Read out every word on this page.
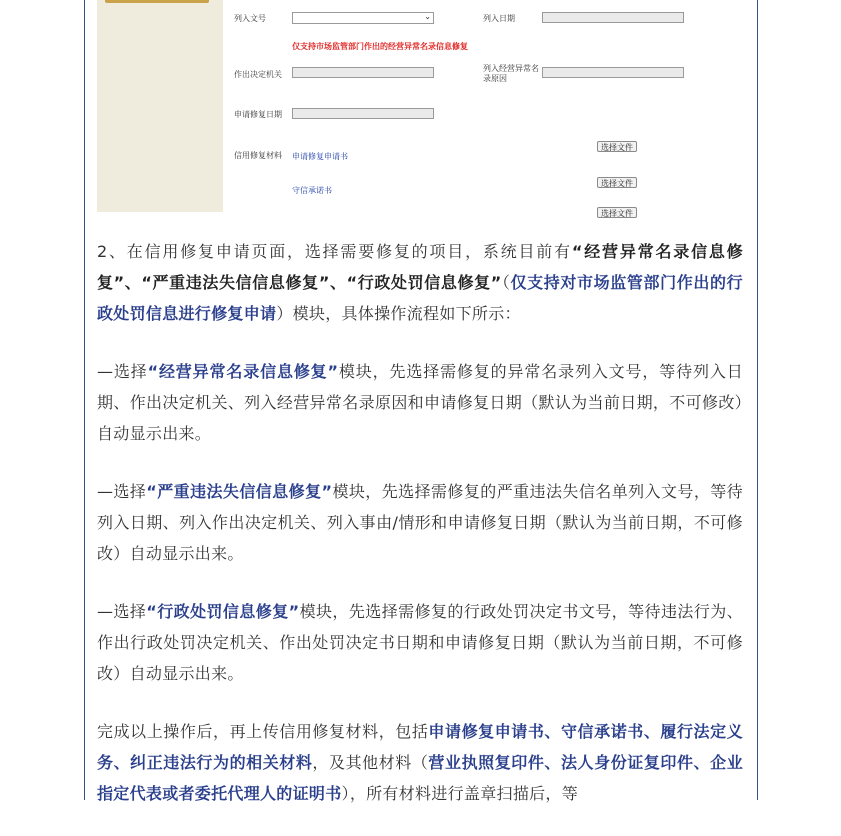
列入文号	⌄	列入日期
仅支持市场监管部门作出的经营异常名录信息修复
作出决定机关
列入经营异常名
录原因
申请修复日期
信用修复材料 申请修复申请书
选择文件
守信承诺书
选择文件
选择文件

2、在信用修复申请页面，选择需要修复的项目，系统目前有“经营异常名录信息修复”、“严重违法失信信息修复”、“行政处罚信息修复”（仅支持对市场监管部门作出的行政处罚信息进行修复申请）模块，具体操作流程如下所示：

—选择“经营异常名录信息修复”模块，先选择需修复的异常名录列入文号，等待列入日期、作出决定机关、列入经营异常名录原因和申请修复日期（默认为当前日期，不可修改）自动显示出来。

—选择“严重违法失信信息修复”模块，先选择需修复的严重违法失信名单列入文号，等待列入日期、列入作出决定机关、列入事由/情形和申请修复日期（默认为当前日期，不可修改）自动显示出来。

—选择“行政处罚信息修复”模块，先选择需修复的行政处罚决定书文号，等待违法行为、作出行政处罚决定机关、作出处罚决定书日期和申请修复日期（默认为当前日期，不可修改）自动显示出来。

完成以上操作后，再上传信用修复材料，包括申请修复申请书、守信承诺书、履行法定义务、纠正违法行为的相关材料，及其他材料（营业执照复印件、法人身份证复印件、企业指定代表或者委托代理人的证明书），所有材料进行盖章扫描后，等
